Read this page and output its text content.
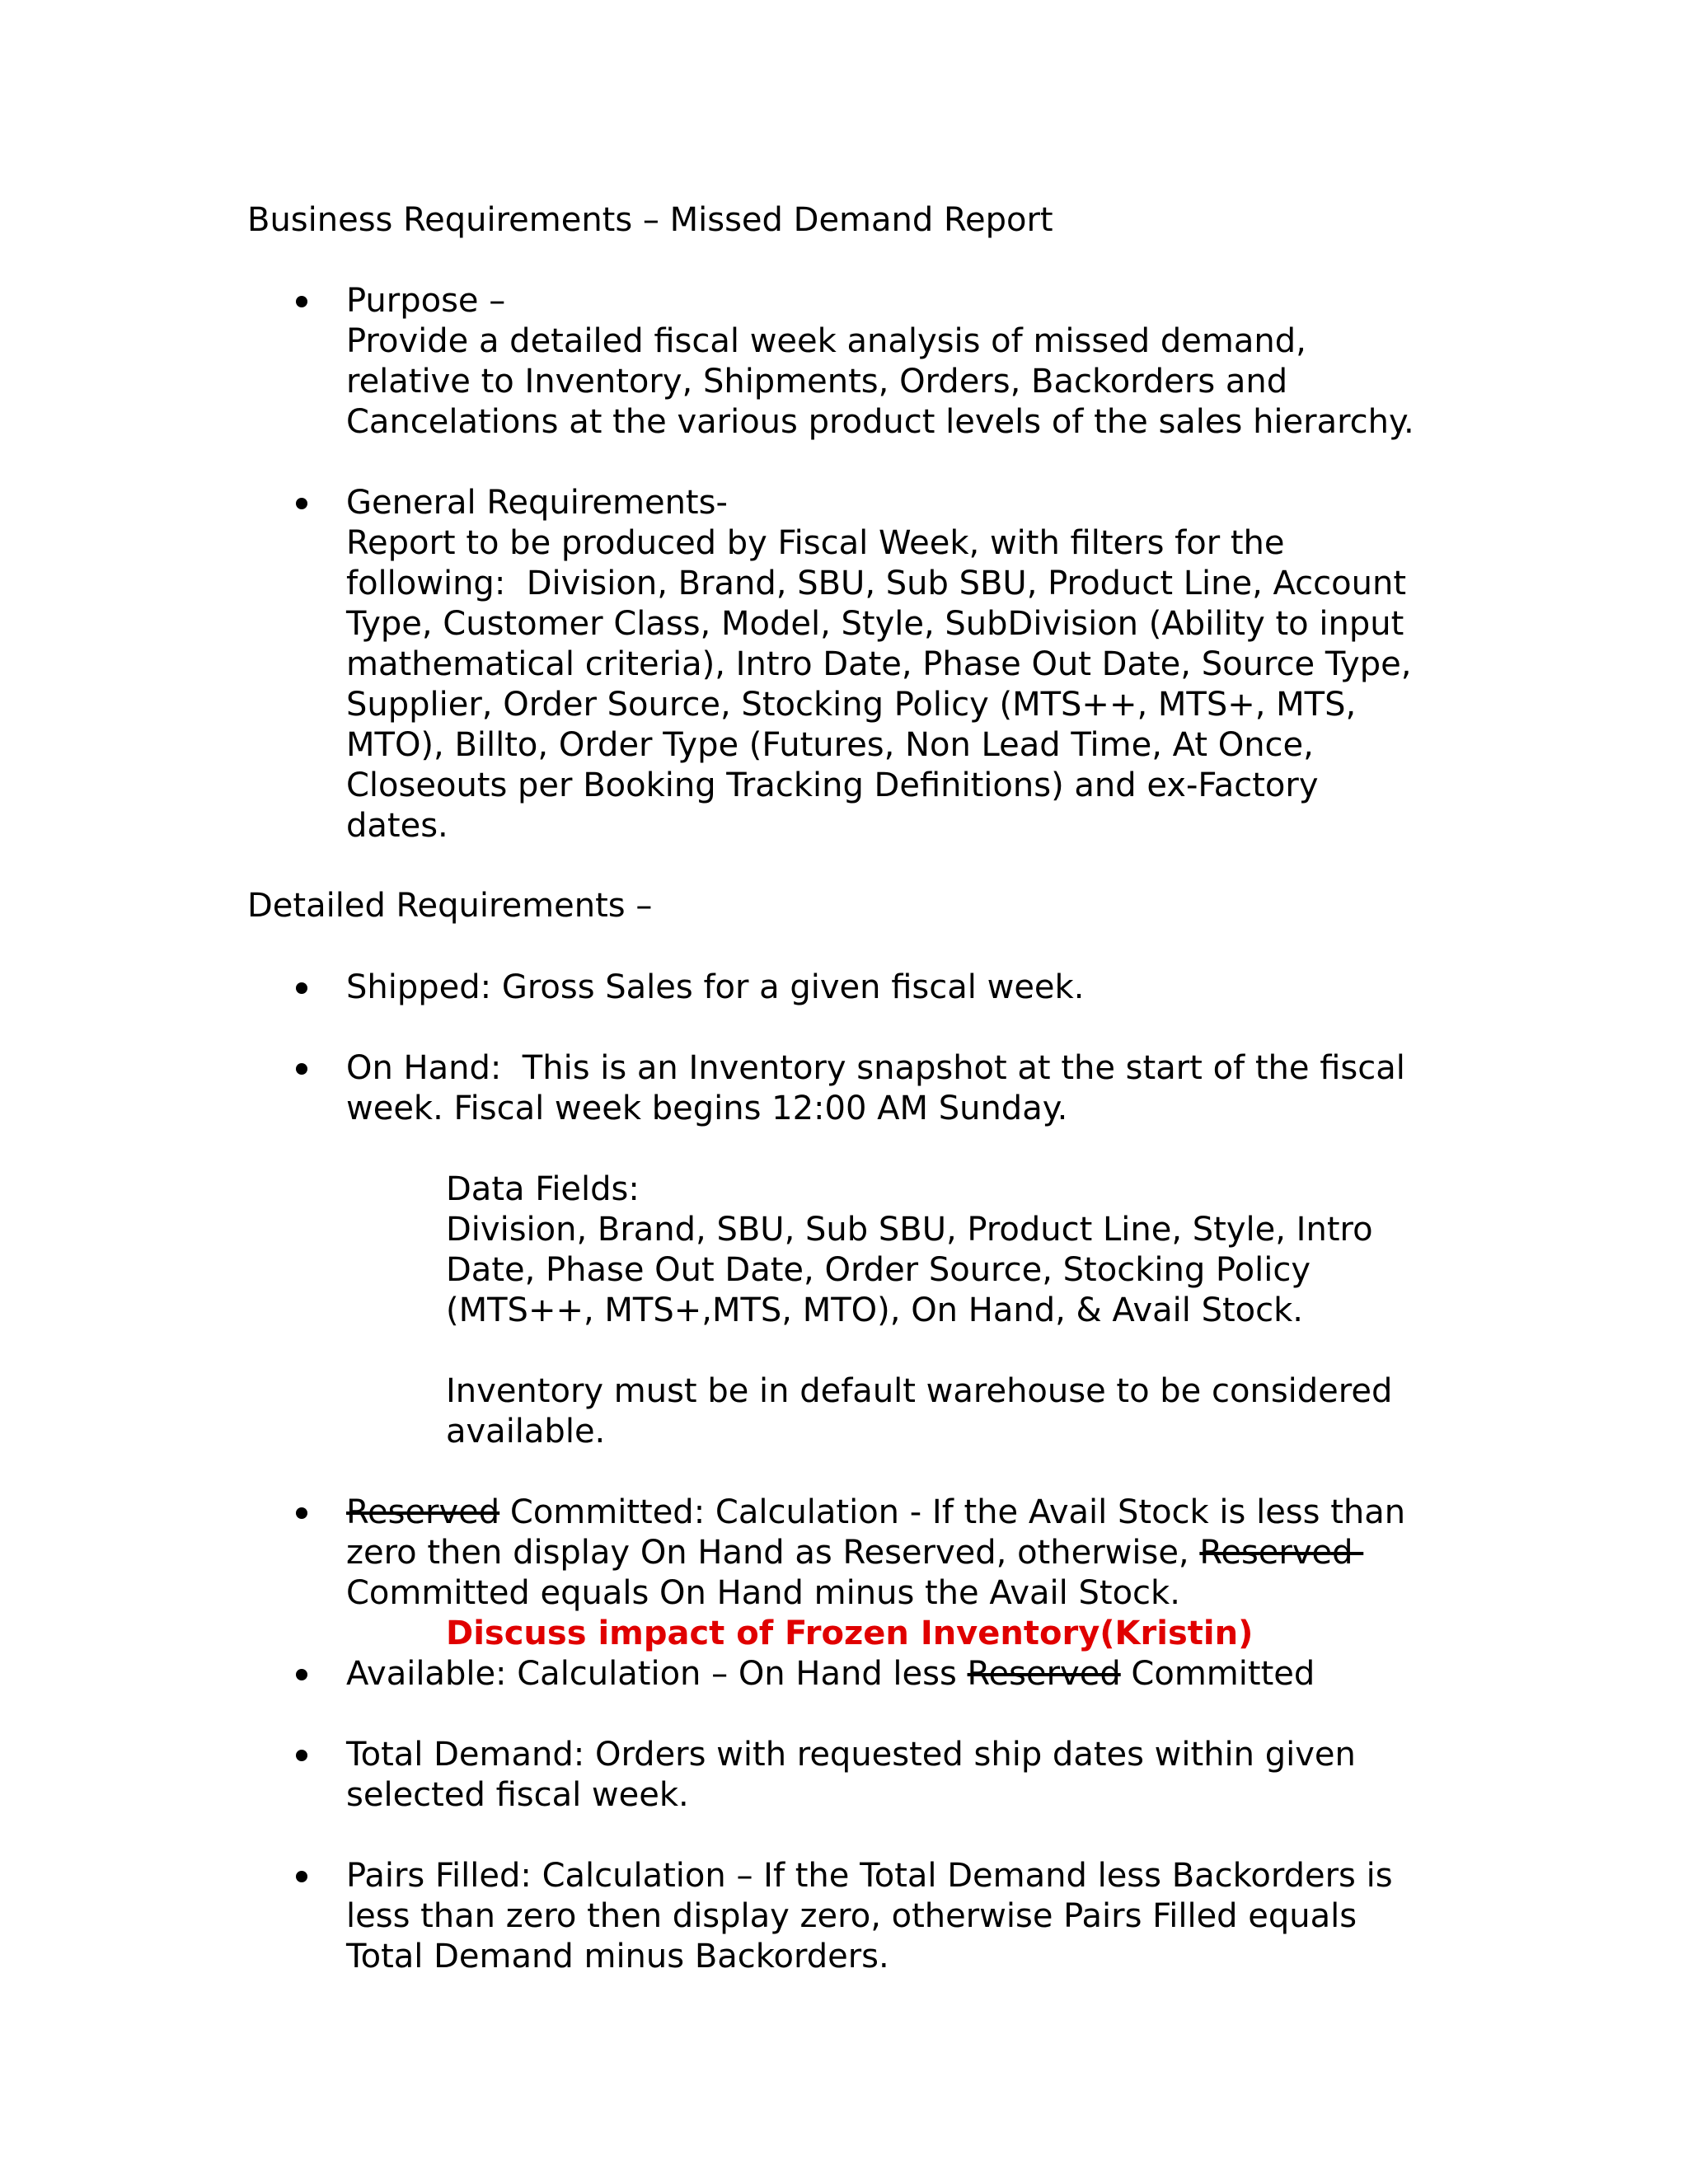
Business Requirements – Missed Demand Report
Purpose –
Provide a detailed fiscal week analysis of missed demand,
relative to Inventory, Shipments, Orders, Backorders and
Cancelations at the various product levels of the sales hierarchy.
General Requirements-
Report to be produced by Fiscal Week, with filters for the
following:  Division, Brand, SBU, Sub SBU, Product Line, Account
Type, Customer Class, Model, Style, SubDivision (Ability to input
mathematical criteria), Intro Date, Phase Out Date, Source Type,
Supplier, Order Source, Stocking Policy (MTS++, MTS+, MTS,
MTO), Billto, Order Type (Futures, Non Lead Time, At Once,
Closeouts per Booking Tracking Definitions) and ex-Factory
dates.
Detailed Requirements –
Shipped: Gross Sales for a given fiscal week.
On Hand:  This is an Inventory snapshot at the start of the fiscal
week. Fiscal week begins 12:00 AM Sunday.
Data Fields:
Division, Brand, SBU, Sub SBU, Product Line, Style, Intro
Date, Phase Out Date, Order Source, Stocking Policy
(MTS++, MTS+,MTS, MTO), On Hand, & Avail Stock.
Inventory must be in default warehouse to be considered
available.
Reserved Committed: Calculation - If the Avail Stock is less than
zero then display On Hand as Reserved, otherwise, Reserved
Committed equals On Hand minus the Avail Stock.
Discuss impact of Frozen Inventory(Kristin)
Available: Calculation – On Hand less Reserved Committed
Total Demand: Orders with requested ship dates within given
selected fiscal week.
Pairs Filled: Calculation – If the Total Demand less Backorders is
less than zero then display zero, otherwise Pairs Filled equals
Total Demand minus Backorders.
